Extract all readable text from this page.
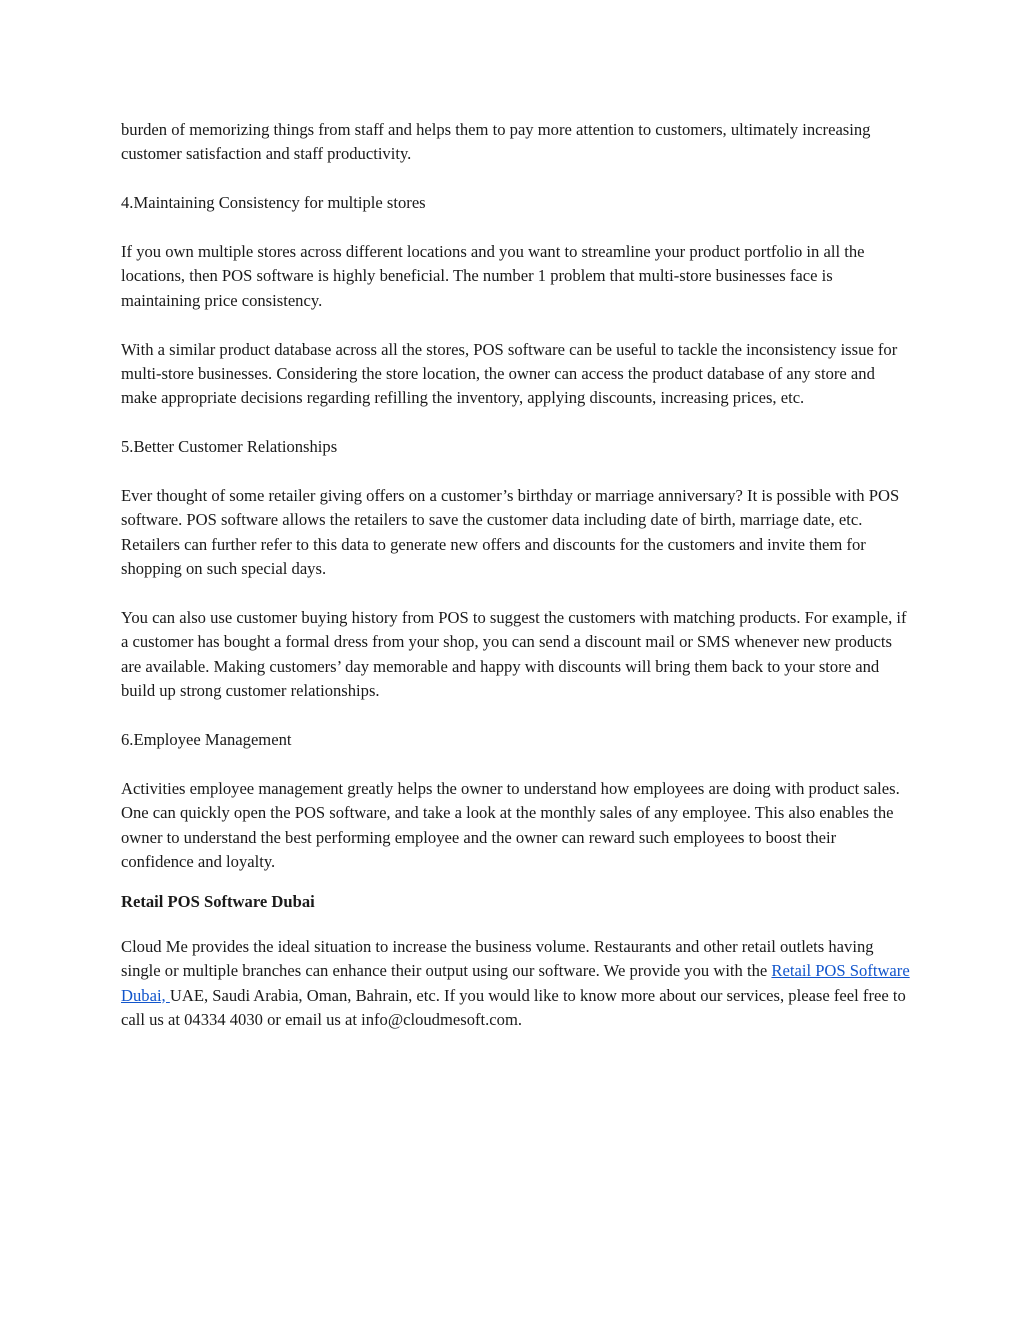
burden of memorizing things from staff and helps them to pay more attention to customers, ultimately increasing customer satisfaction and staff productivity.

4.Maintaining Consistency for multiple stores

If you own multiple stores across different locations and you want to streamline your product portfolio in all the locations, then POS software is highly beneficial. The number 1 problem that multi-store businesses face is maintaining price consistency.

With a similar product database across all the stores, POS software can be useful to tackle the inconsistency issue for multi-store businesses. Considering the store location, the owner can access the product database of any store and make appropriate decisions regarding refilling the inventory, applying discounts, increasing prices, etc.

5.Better Customer Relationships

Ever thought of some retailer giving offers on a customer’s birthday or marriage anniversary? It is possible with POS software. POS software allows the retailers to save the customer data including date of birth, marriage date, etc. Retailers can further refer to this data to generate new offers and discounts for the customers and invite them for shopping on such special days.

You can also use customer buying history from POS to suggest the customers with matching products. For example, if a customer has bought a formal dress from your shop, you can send a discount mail or SMS whenever new products are available. Making customers’ day memorable and happy with discounts will bring them back to your store and build up strong customer relationships.

6.Employee Management

Activities employee management greatly helps the owner to understand how employees are doing with product sales. One can quickly open the POS software, and take a look at the monthly sales of any employee. This also enables the owner to understand the best performing employee and the owner can reward such employees to boost their confidence and loyalty.

Retail POS Software Dubai

Cloud Me provides the ideal situation to increase the business volume. Restaurants and other retail outlets having single or multiple branches can enhance their output using our software. We provide you with the Retail POS Software Dubai, UAE, Saudi Arabia, Oman, Bahrain, etc. If you would like to know more about our services, please feel free to call us at 04334 4030 or email us at info@cloudmesoft.com.
